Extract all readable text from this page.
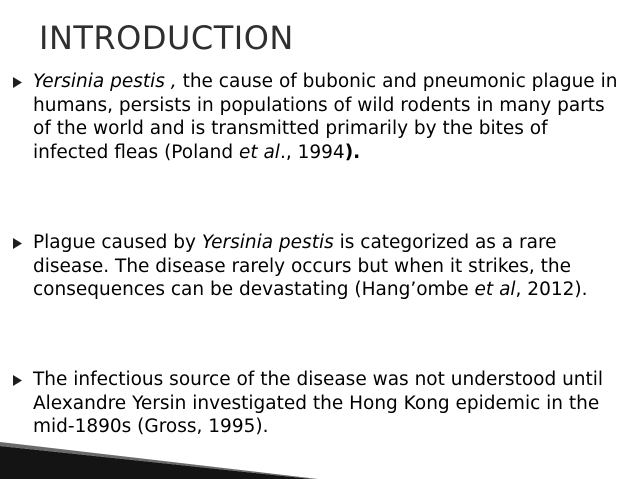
INTRODUCTION
Yersinia pestis , the cause of bubonic and pneumonic plague in humans, persists in populations of wild rodents in many parts of the world and is transmitted primarily by the bites of infected fleas (Poland et al., 1994).
Plague caused by Yersinia pestis is categorized as a rare disease. The disease rarely occurs but when it strikes, the consequences can be devastating (Hang’ombe et al, 2012).
The infectious source of the disease was not understood until Alexandre Yersin investigated the Hong Kong epidemic in the mid-1890s (Gross, 1995).
